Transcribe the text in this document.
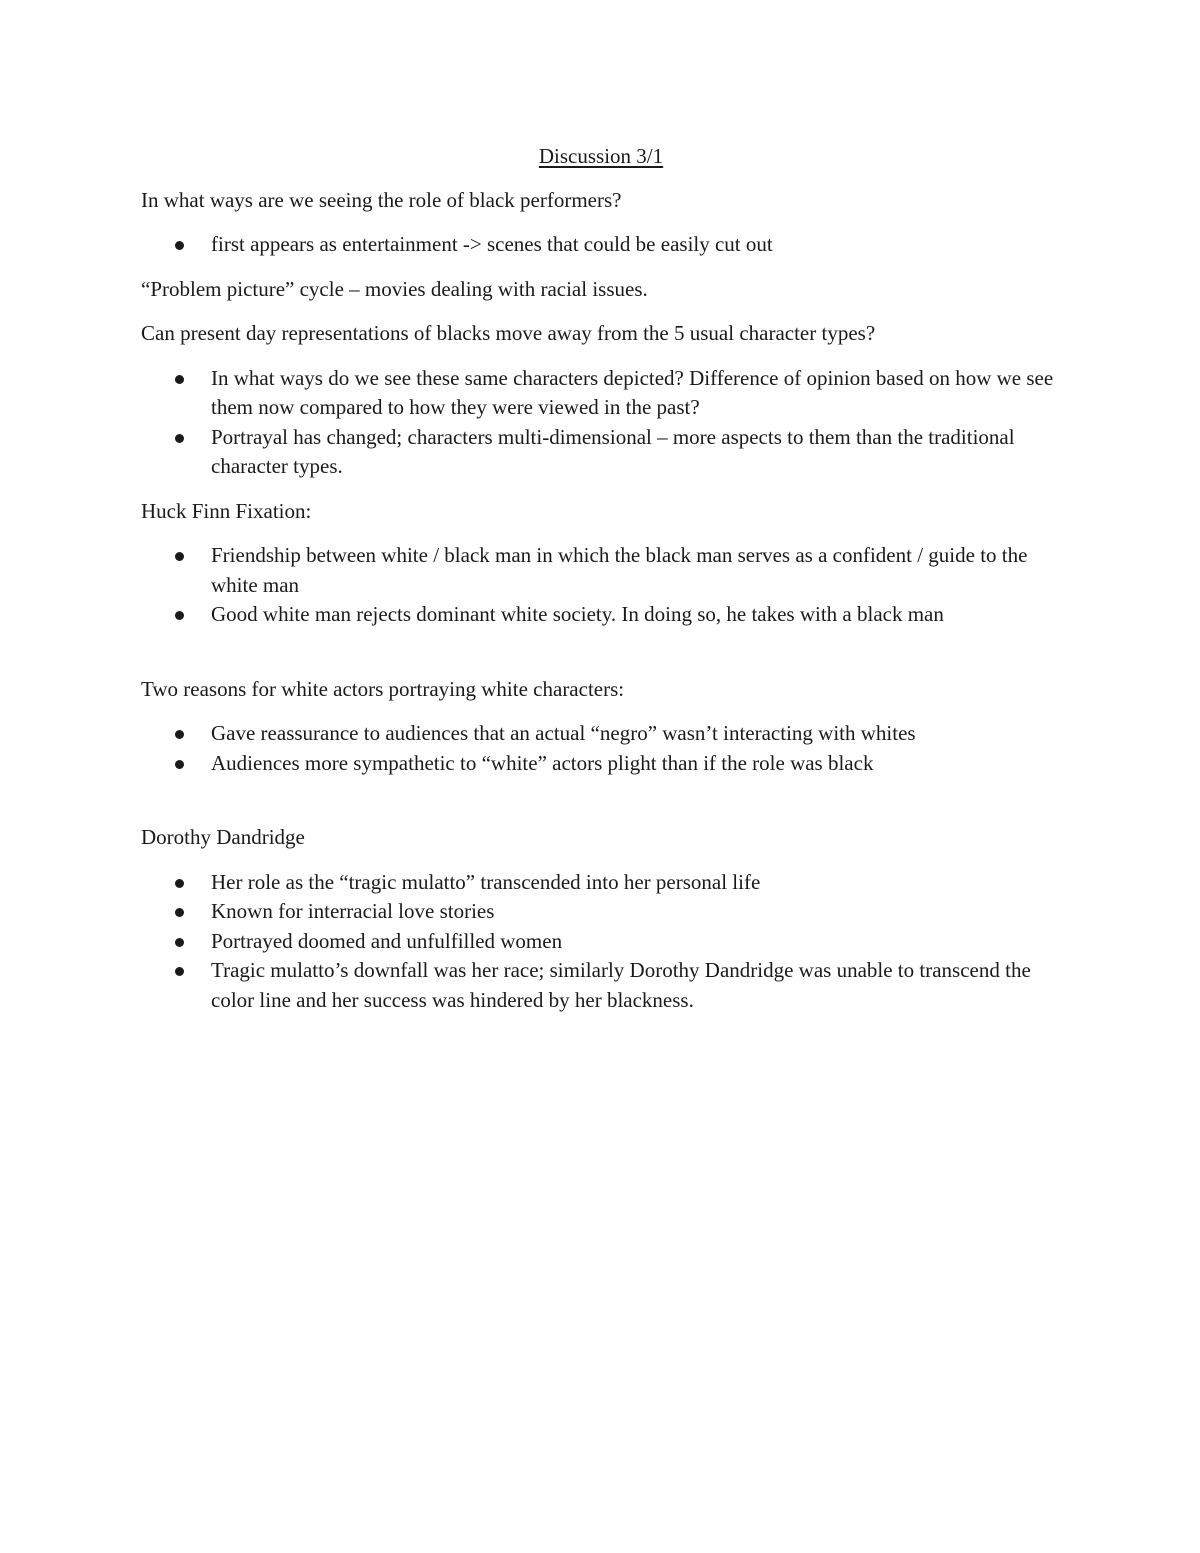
Discussion 3/1

In what ways are we seeing the role of black performers?

first appears as entertainment -> scenes that could be easily cut out

“Problem picture” cycle – movies dealing with racial issues.

Can present day representations of blacks move away from the 5 usual character types?

In what ways do we see these same characters depicted? Difference of opinion based on how we see them now compared to how they were viewed in the past?
Portrayal has changed; characters multi-dimensional – more aspects to them than the traditional character types.

Huck Finn Fixation:

Friendship between white / black man in which the black man serves as a confident / guide to the white man
Good white man rejects dominant white society. In doing so, he takes with a black man

Two reasons for white actors portraying white characters:

Gave reassurance to audiences that an actual “negro” wasn’t interacting with whites
Audiences more sympathetic to “white” actors plight than if the role was black

Dorothy Dandridge

Her role as the “tragic mulatto” transcended into her personal life
Known for interracial love stories
Portrayed doomed and unfulfilled women
Tragic mulatto’s downfall was her race; similarly Dorothy Dandridge was unable to transcend the color line and her success was hindered by her blackness.
